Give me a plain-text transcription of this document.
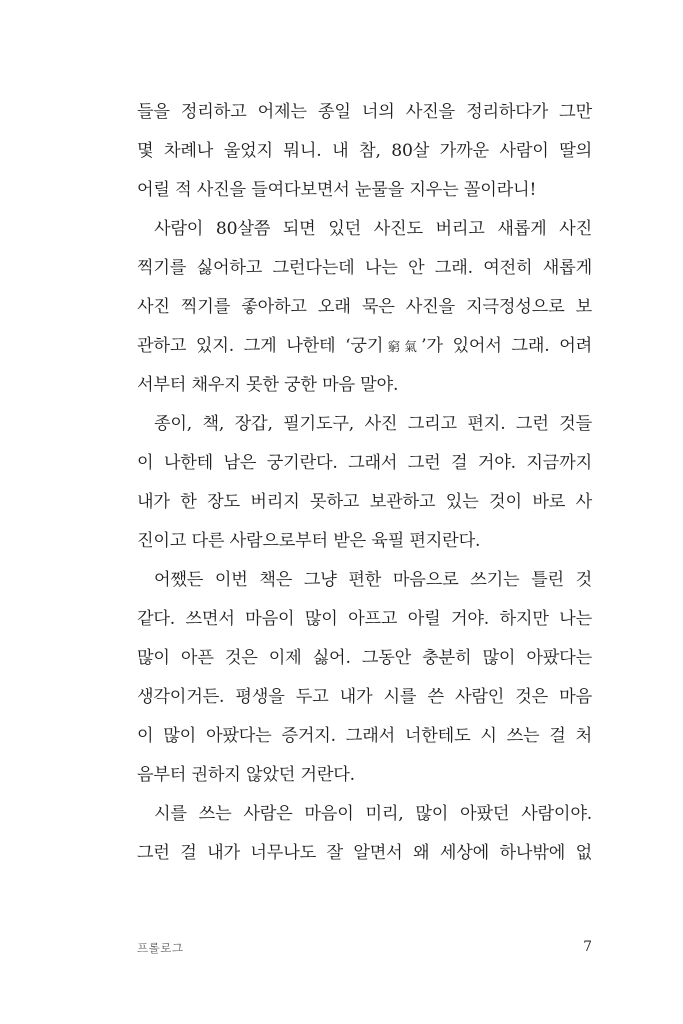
들을 정리하고 어제는 종일 너의 사진을 정리하다가 그만
몇 차례나 울었지 뭐니. 내 참, 80살 가까운 사람이 딸의
어릴 적 사진을 들여다보면서 눈물을 지우는 꼴이라니!

사람이 80살쯤 되면 있던 사진도 버리고 새롭게 사진
찍기를 싫어하고 그런다는데 나는 안 그래. 여전히 새롭게
사진 찍기를 좋아하고 오래 묵은 사진을 지극정성으로 보
관하고 있지. 그게 나한테 ‘궁기窮氣’가 있어서 그래. 어려
서부터 채우지 못한 궁한 마음 말야.

종이, 책, 장갑, 필기도구, 사진 그리고 편지. 그런 것들
이 나한테 남은 궁기란다. 그래서 그런 걸 거야. 지금까지
내가 한 장도 버리지 못하고 보관하고 있는 것이 바로 사
진이고 다른 사람으로부터 받은 육필 편지란다.

어쨌든 이번 책은 그냥 편한 마음으로 쓰기는 틀린 것
같다. 쓰면서 마음이 많이 아프고 아릴 거야. 하지만 나는
많이 아픈 것은 이제 싫어. 그동안 충분히 많이 아팠다는
생각이거든. 평생을 두고 내가 시를 쓴 사람인 것은 마음
이 많이 아팠다는 증거지. 그래서 너한테도 시 쓰는 걸 처
음부터 권하지 않았던 거란다.

시를 쓰는 사람은 마음이 미리, 많이 아팠던 사람이야.
그런 걸 내가 너무나도 잘 알면서 왜 세상에 하나밖에 없

프롤로그	7
